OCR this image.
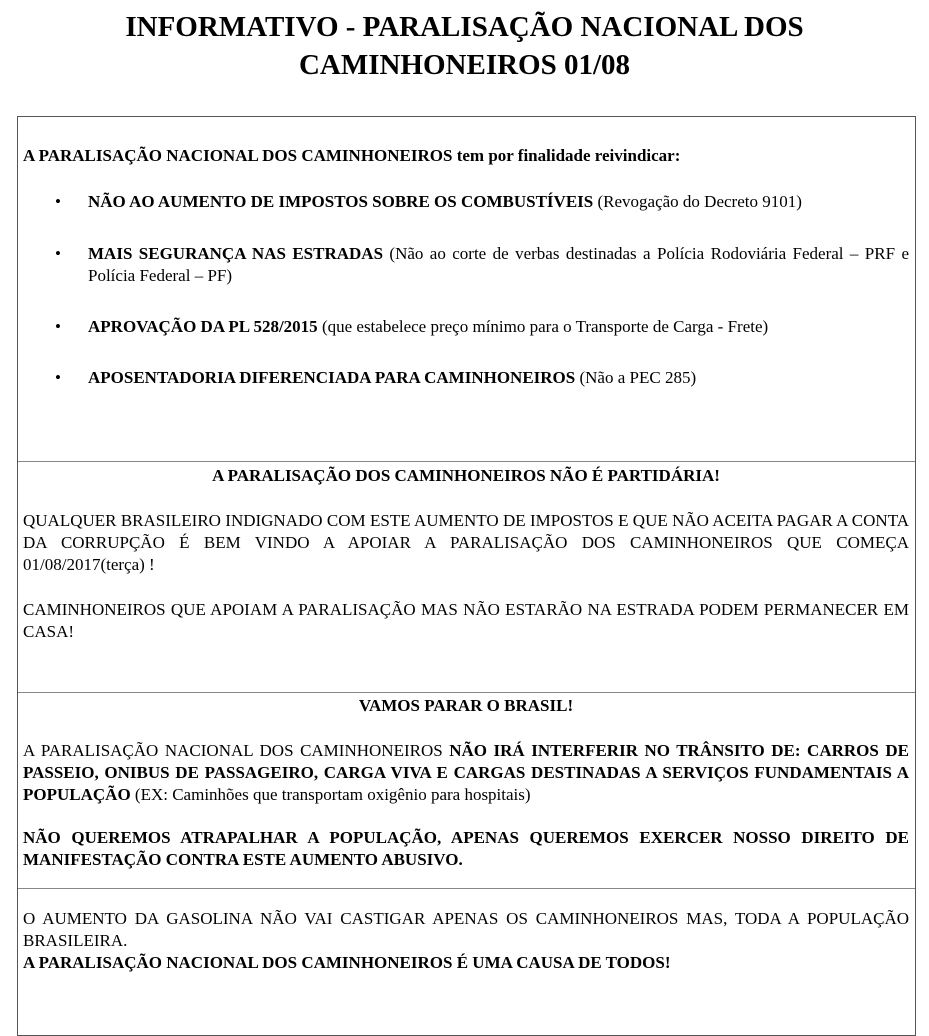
INFORMATIVO - PARALISAÇÃO NACIONAL DOS
CAMINHONEIROS 01/08

A PARALISAÇÃO NACIONAL DOS CAMINHONEIROS tem por finalidade reivindicar:

• NÃO AO AUMENTO DE IMPOSTOS SOBRE OS COMBUSTÍVEIS (Revogação do Decreto 9101)
• MAIS SEGURANÇA NAS ESTRADAS (Não ao corte de verbas destinadas a Polícia Rodoviária Federal – PRF e Polícia Federal – PF)
• APROVAÇÃO DA PL 528/2015 (que estabelece preço mínimo para o Transporte de Carga - Frete)
• APOSENTADORIA DIFERENCIADA PARA CAMINHONEIROS (Não a PEC 285)

A PARALISAÇÃO DOS CAMINHONEIROS NÃO É PARTIDÁRIA!

QUALQUER BRASILEIRO INDIGNADO COM ESTE AUMENTO DE IMPOSTOS E QUE NÃO ACEITA PAGAR A CONTA DA CORRUPÇÃO É BEM VINDO A APOIAR A PARALISAÇÃO DOS CAMINHONEIROS QUE COMEÇA 01/08/2017(terça) !

CAMINHONEIROS QUE APOIAM A PARALISAÇÃO MAS NÃO ESTARÃO NA ESTRADA PODEM PERMANECER EM CASA!

VAMOS PARAR O BRASIL!

A PARALISAÇÃO NACIONAL DOS CAMINHONEIROS NÃO IRÁ INTERFERIR NO TRÂNSITO DE: CARROS DE PASSEIO, ONIBUS DE PASSAGEIRO, CARGA VIVA E CARGAS DESTINADAS A SERVIÇOS FUNDAMENTAIS A POPULAÇÃO (EX: Caminhões que transportam oxigênio para hospitais)

NÃO QUEREMOS ATRAPALHAR A POPULAÇÃO, APENAS QUEREMOS EXERCER NOSSO DIREITO DE MANIFESTAÇÃO CONTRA ESTE AUMENTO ABUSIVO.

O AUMENTO DA GASOLINA NÃO VAI CASTIGAR APENAS OS CAMINHONEIROS MAS, TODA A POPULAÇÃO BRASILEIRA.

A PARALISAÇÃO NACIONAL DOS CAMINHONEIROS É UMA CAUSA DE TODOS!
